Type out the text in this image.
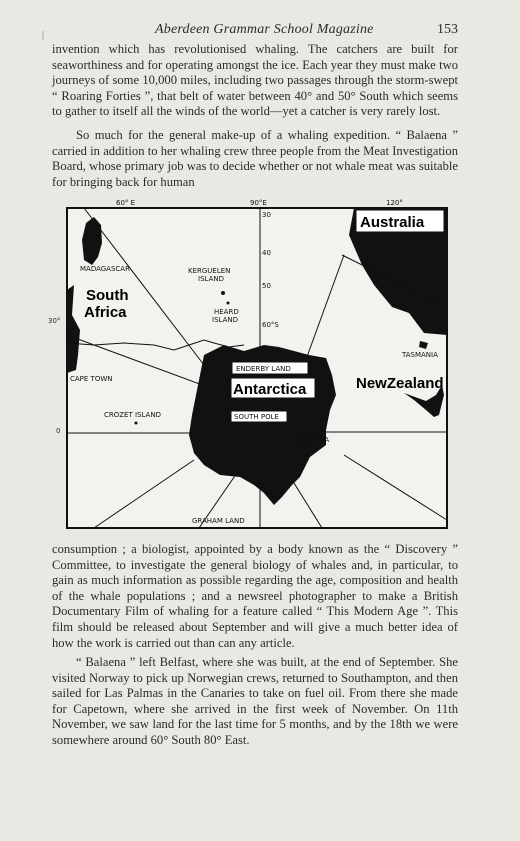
|	Aberdeen Grammar School Magazine	153

invention which has revolutionised whaling. The catchers are built for seaworthiness and for operating amongst the ice. Each year they must make two journeys of some 10,000 miles, including two passages through the storm-swept “ Roaring Forties ”, that belt of water between 40° and 50° South which seems to gather to itself all the winds of the world—yet a catcher is very rarely lost.

So much for the general make-up of a whaling expedition. “ Balaena ” carried in addition to her whaling crew three people from the Meat Investigation Board, whose primary job was to decide whether or not whale meat was suitable for bringing back for human

60° E	90°E	120°
30
40
50
60°S
MADAGASCAR
South
Africa
KERGUELEN
ISLAND
HEARD
ISLAND
Australia
TASMANIA
NewZealand
ENDERBY LAND
Antarctica
SOUTH POLE
CAPE TOWN
CROZET ISLAND
ROSS SEA
GRAHAM LAND
30°
0

consumption ; a biologist, appointed by a body known as the “ Discovery ” Committee, to investigate the general biology of whales and, in particular, to gain as much information as possible regarding the age, composition and health of the whale populations ; and a newsreel photographer to make a British Documentary Film of whaling for a feature called “ This Modern Age ”. This film should be released about September and will give a much better idea of how the work is carried out than can any article.

“ Balaena ” left Belfast, where she was built, at the end of September. She visited Norway to pick up Norwegian crews, returned to Southampton, and then sailed for Las Palmas in the Canaries to take on fuel oil. From there she made for Capetown, where she arrived in the first week of November. On 11th November, we saw land for the last time for 5 months, and by the 18th we were somewhere around 60° South 80° East.
